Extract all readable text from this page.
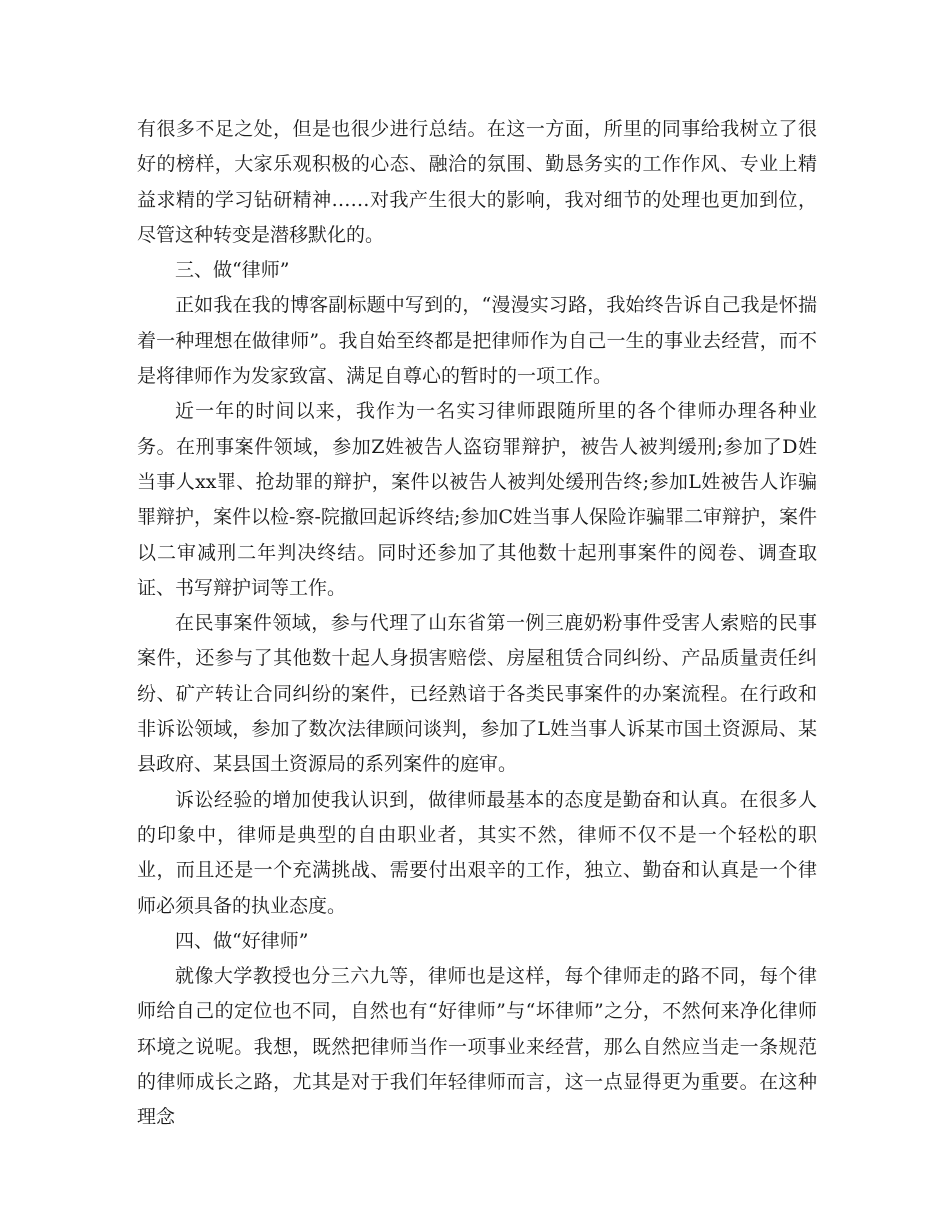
有很多不足之处，但是也很少进行总结。在这一方面，所里的同事给我树立了很好的榜样，大家乐观积极的心态、融洽的氛围、勤恳务实的工作作风、专业上精益求精的学习钻研精神……对我产生很大的影响，我对细节的处理也更加到位，尽管这种转变是潜移默化的。

三、做“律师”

正如我在我的博客副标题中写到的，“漫漫实习路，我始终告诉自己我是怀揣着一种理想在做律师”。我自始至终都是把律师作为自己一生的事业去经营，而不是将律师作为发家致富、满足自尊心的暂时的一项工作。

近一年的时间以来，我作为一名实习律师跟随所里的各个律师办理各种业务。在刑事案件领域，参加Z姓被告人盗窃罪辩护，被告人被判缓刑;参加了D姓当事人xx罪、抢劫罪的辩护，案件以被告人被判处缓刑告终;参加L姓被告人诈骗罪辩护，案件以检-察-院撤回起诉终结;参加C姓当事人保险诈骗罪二审辩护，案件以二审减刑二年判决终结。同时还参加了其他数十起刑事案件的阅卷、调查取证、书写辩护词等工作。

在民事案件领域，参与代理了山东省第一例三鹿奶粉事件受害人索赔的民事案件，还参与了其他数十起人身损害赔偿、房屋租赁合同纠纷、产品质量责任纠纷、矿产转让合同纠纷的案件，已经熟谙于各类民事案件的办案流程。在行政和非诉讼领域，参加了数次法律顾问谈判，参加了L姓当事人诉某市国土资源局、某县政府、某县国土资源局的系列案件的庭审。

诉讼经验的增加使我认识到，做律师最基本的态度是勤奋和认真。在很多人的印象中，律师是典型的自由职业者，其实不然，律师不仅不是一个轻松的职业，而且还是一个充满挑战、需要付出艰辛的工作，独立、勤奋和认真是一个律师必须具备的执业态度。

四、做“好律师”

就像大学教授也分三六九等，律师也是这样，每个律师走的路不同，每个律师给自己的定位也不同，自然也有“好律师”与“坏律师”之分，不然何来净化律师环境之说呢。我想，既然把律师当作一项事业来经营，那么自然应当走一条规范的律师成长之路，尤其是对于我们年轻律师而言，这一点显得更为重要。在这种理念
